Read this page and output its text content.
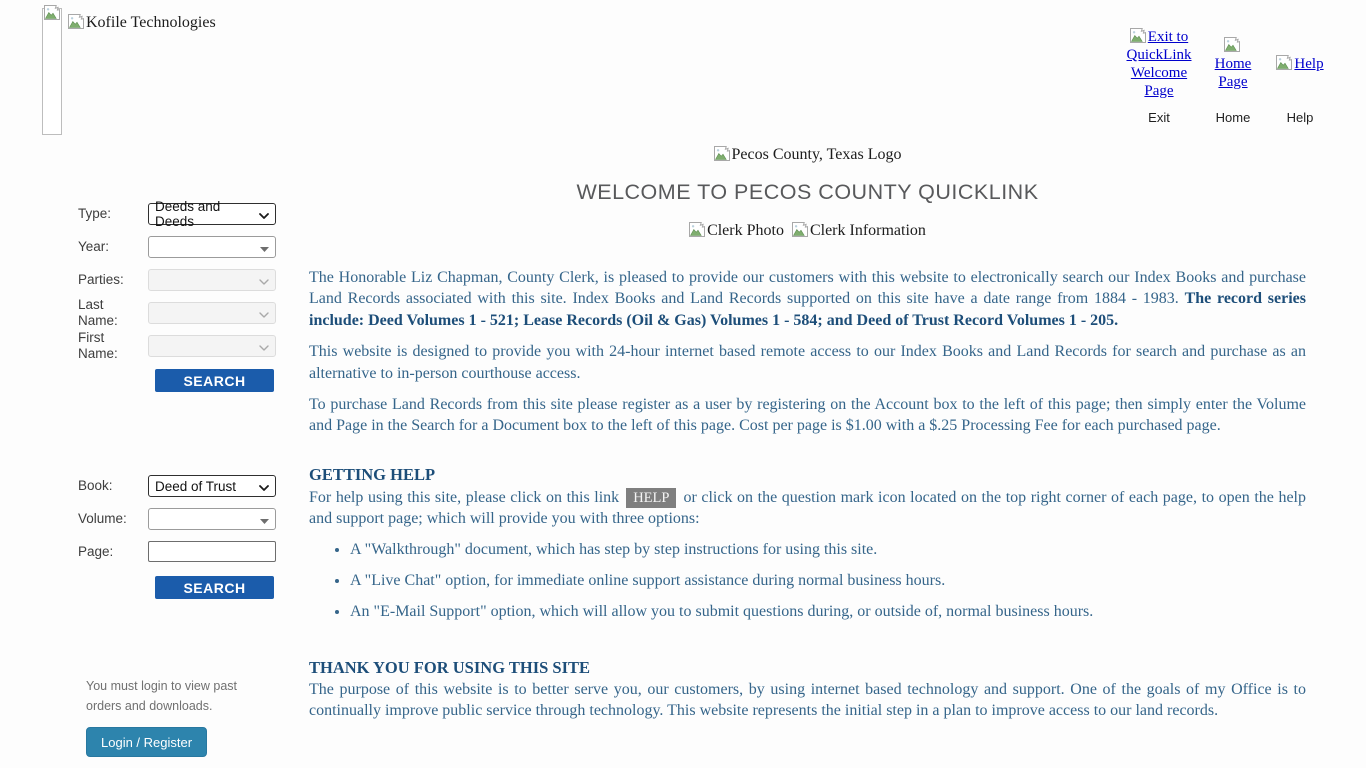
Kofile Technologies
Exit to QuickLink Welcome Page
Exit
Home Page
Home
Help
Help
Type:	Deeds and Deeds
Year:
Parties:
Last Name:
First Name:
SEARCH
Book:	Deed of Trust
Volume:
Page:
SEARCH
You must login to view past orders and downloads.
Login / Register
Pecos County, Texas Logo
WELCOME TO PECOS COUNTY QUICKLINK
Clerk Photo Clerk Information

The Honorable Liz Chapman, County Clerk, is pleased to provide our customers with this website to electronically search our Index Books and purchase Land Records associated with this site. Index Books and Land Records supported on this site have a date range from 1884 - 1983. The record series include: Deed Volumes 1 - 521; Lease Records (Oil & Gas) Volumes 1 - 584; and Deed of Trust Record Volumes 1 - 205.

This website is designed to provide you with 24-hour internet based remote access to our Index Books and Land Records for search and purchase as an alternative to in-person courthouse access.

To purchase Land Records from this site please register as a user by registering on the Account box to the left of this page; then simply enter the Volume and Page in the Search for a Document box to the left of this page. Cost per page is $1.00 with a $.25 Processing Fee for each purchased page.

GETTING HELP

For help using this site, please click on this link HELP or click on the question mark icon located on the top right corner of each page, to open the help and support page; which will provide you with three options:

• A "Walkthrough" document, which has step by step instructions for using this site.
• A "Live Chat" option, for immediate online support assistance during normal business hours.
• An "E-Mail Support" option, which will allow you to submit questions during, or outside of, normal business hours.
THANK YOU FOR USING THIS SITE

The purpose of this website is to better serve you, our customers, by using internet based technology and support. One of the goals of my Office is to continually improve public service through technology. This website represents the initial step in a plan to improve access to our land records.
